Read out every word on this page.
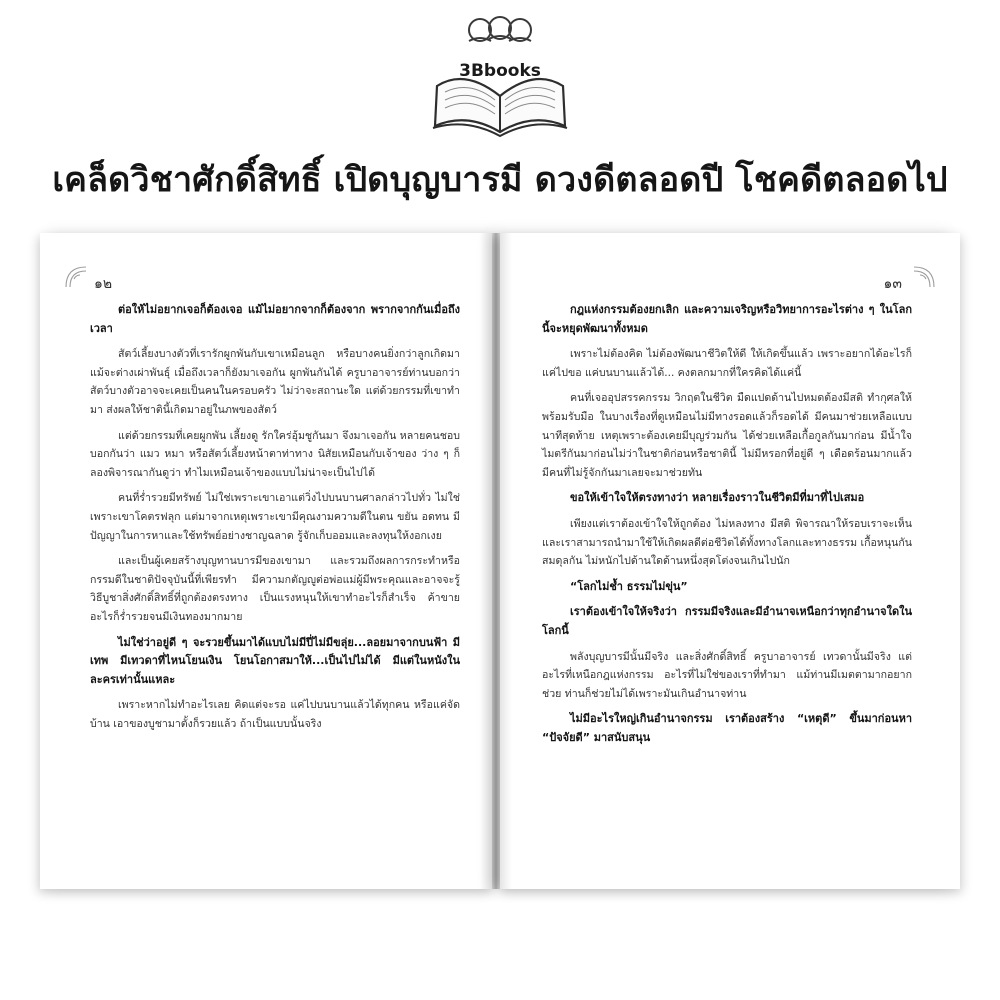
3Bbooks
เคล็ดวิชาศักดิ์สิทธิ์ เปิดบุญบารมี ดวงดีตลอดปี โชคดีตลอดไป
๑๒

ต่อให้ไม่อยากเจอก็ต้องเจอ แม้ไม่อยากจากก็ต้องจาก พรากจากกันเมื่อถึงเวลา

สัตว์เลี้ยงบางตัวที่เรารักผูกพันกับเขาเหมือนลูก หรือบางคนยิ่งกว่าลูกเกิดมาแม้จะต่างเผ่าพันธุ์ เมื่อถึงเวลาก็ยังมาเจอกัน ผูกพันกันได้ ครูบาอาจารย์ท่านบอกว่า สัตว์บางตัวอาจจะเคยเป็นคนในครอบครัว ไม่ว่าจะสถานะใด แต่ด้วยกรรมที่เขาทำมา ส่งผลให้ชาตินี้เกิดมาอยู่ในภพของสัตว์

แต่ด้วยกรรมที่เคยผูกพัน เลี้ยงดู รักใคร่อุ้มชูกันมา จึงมาเจอกัน หลายคนชอบบอกกันว่า แมว หมา หรือสัตว์เลี้ยงหน้าตาท่าทาง นิสัยเหมือนกับเจ้าของ ว่าง ๆ ก็ลองพิจารณากันดูว่า ทำไมเหมือนเจ้าของแบบไม่น่าจะเป็นไปได้

คนที่ร่ำรวยมีทรัพย์ ไม่ใช่เพราะเขาเอาแต่วิ่งไปบนบานศาลกล่าวไปทั่ว ไม่ใช่เพราะเขาโคตรฟลุก แต่มาจากเหตุเพราะเขามีคุณงามความดีในตน ขยัน อดทน มีปัญญาในการหาและใช้ทรัพย์อย่างชาญฉลาด รู้จักเก็บออมและลงทุนให้งอกเงย

และเป็นผู้เคยสร้างบุญทานบารมีของเขามา และรวมถึงผลการกระทำหรือกรรมดีในชาติปัจจุบันนี้ที่เพียรทำ มีความกตัญญูต่อพ่อแม่ผู้มีพระคุณและอาจจะรู้วิธีบูชาสิ่งศักดิ์สิทธิ์ที่ถูกต้องตรงทาง เป็นแรงหนุนให้เขาทำอะไรก็สำเร็จ ค้าขายอะไรก็ร่ำรวยจนมีเงินทองมากมาย

ไม่ใช่ว่าอยู่ดี ๆ จะรวยขึ้นมาได้แบบไม่มีปี่ไม่มีขลุ่ย...ลอยมาจากบนฟ้า มีเทพ มีเทวดาที่ไหนโยนเงิน โยนโอกาสมาให้...เป็นไปไม่ได้ มีแต่ในหนังในละครเท่านั้นแหละ

เพราะหากไม่ทำอะไรเลย คิดแต่จะรอ แค่ไปบนบานแล้วได้ทุกคน หรือแค่จัดบ้าน เอาของบูชามาตั้งก็รวยแล้ว ถ้าเป็นแบบนั้นจริง

๑๓

กฎแห่งกรรมต้องยกเลิก และความเจริญหรือวิทยาการอะไรต่าง ๆ ในโลกนี้จะหยุดพัฒนาทั้งหมด

เพราะไม่ต้องคิด ไม่ต้องพัฒนาชีวิตให้ดี ให้เกิดขึ้นแล้ว เพราะอยากได้อะไรก็แค่ไปขอ แค่บนบานแล้วได้... คงตลกมากที่ใครคิดได้แค่นี้

คนที่เจออุปสรรคกรรม วิกฤตในชีวิต มืดแปดด้านไปหมดต้องมีสติ ทำกุศลให้พร้อมรับมือ ในบางเรื่องที่ดูเหมือนไม่มีทางรอดแล้วก็รอดได้ มีคนมาช่วยเหลือแบบนาทีสุดท้าย เหตุเพราะต้องเคยมีบุญร่วมกัน ได้ช่วยเหลือเกื้อกูลกันมาก่อน มีน้ำใจไมตรีกันมาก่อนไม่ว่าในชาติก่อนหรือชาตินี้ ไม่มีหรอกที่อยู่ดี ๆ เดือดร้อนมากแล้วมีคนที่ไม่รู้จักกันมาเลยจะมาช่วยทัน

ขอให้เข้าใจให้ตรงทางว่า หลายเรื่องราวในชีวิตมีที่มาที่ไปเสมอ

เพียงแต่เราต้องเข้าใจให้ถูกต้อง ไม่หลงทาง มีสติ พิจารณาให้รอบเราจะเห็น และเราสามารถนำมาใช้ให้เกิดผลดีต่อชีวิตได้ทั้งทางโลกและทางธรรม เกื้อหนุนกัน สมดุลกัน ไม่หนักไปด้านใดด้านหนึ่งสุดโต่งจนเกินไปนัก

“โลกไม่ช้ำ ธรรมไม่ขุ่น”

เราต้องเข้าใจให้จริงว่า กรรมมีจริงและมีอำนาจเหนือกว่าทุกอำนาจใดในโลกนี้

พลังบุญบารมีนั้นมีจริง และสิ่งศักดิ์สิทธิ์ ครูบาอาจารย์ เทวดานั้นมีจริง แต่อะไรที่เหนือกฎแห่งกรรม อะไรที่ไม่ใช่ของเราที่ทำมา แม้ท่านมีเมตตามากอยากช่วย ท่านก็ช่วยไม่ได้เพราะมันเกินอำนาจท่าน

ไม่มีอะไรใหญ่เกินอำนาจกรรม เราต้องสร้าง “เหตุดี” ขึ้นมาก่อนหา “ปัจจัยดี” มาสนับสนุน
